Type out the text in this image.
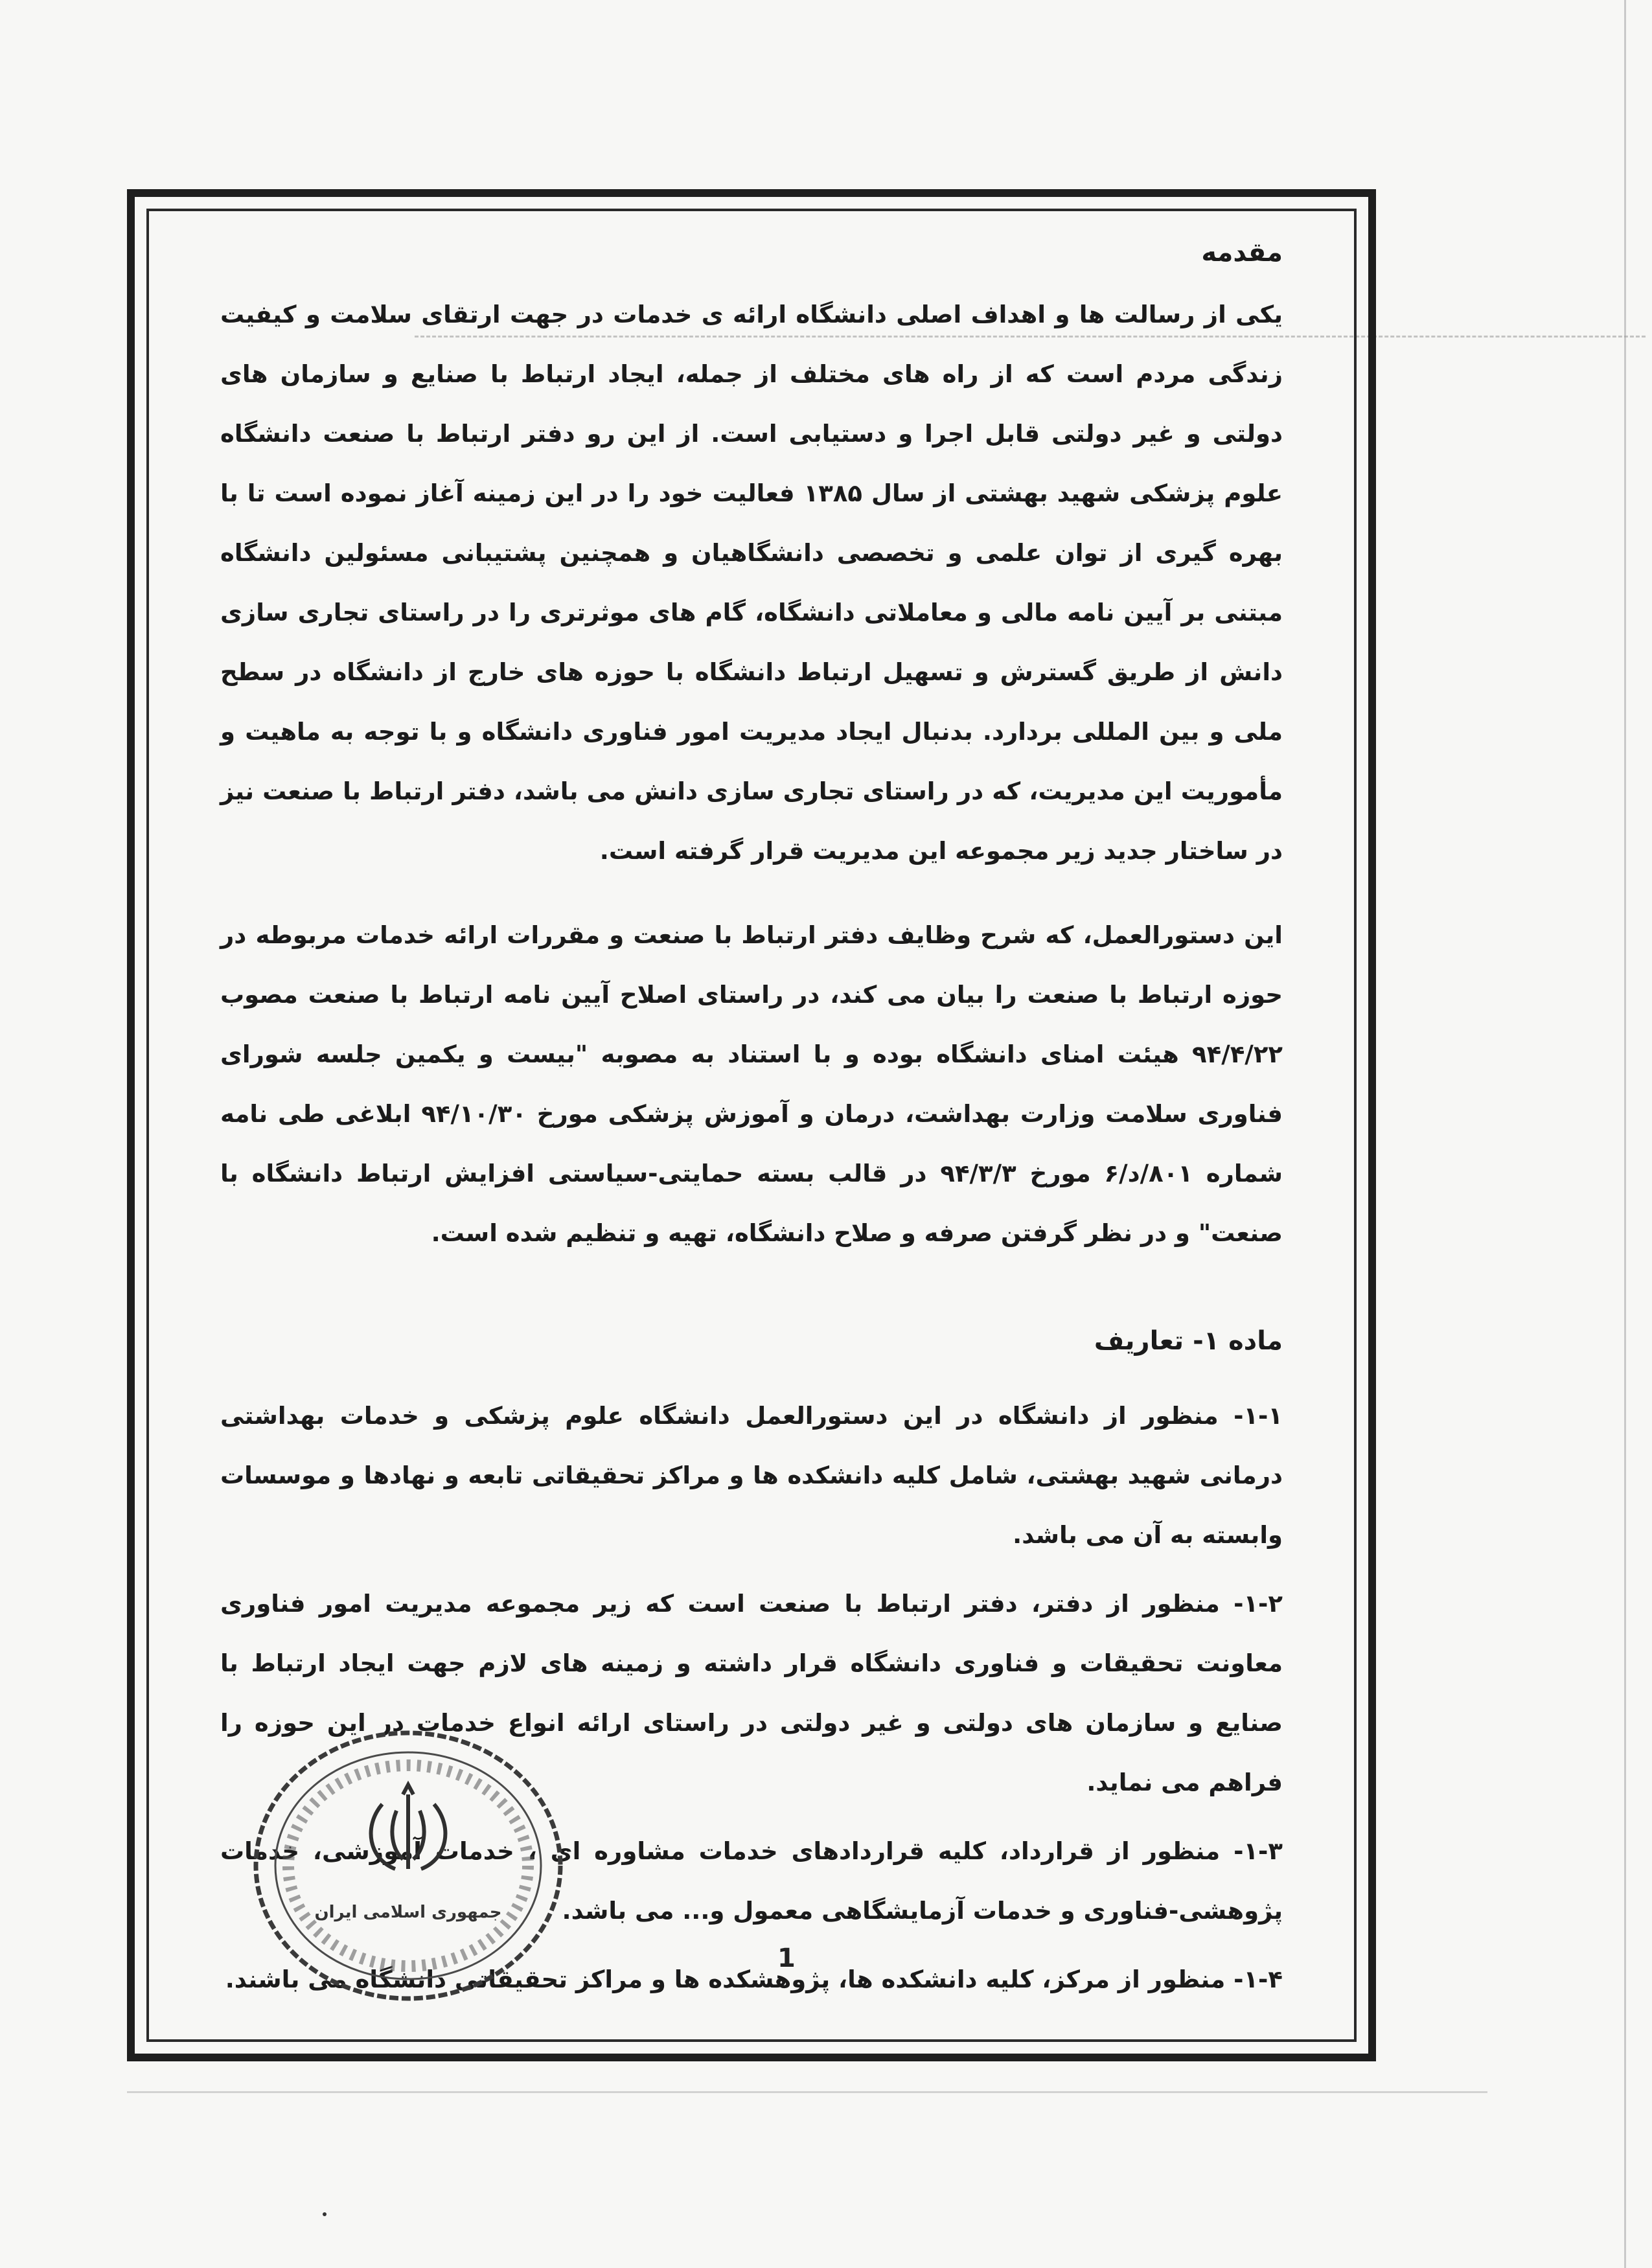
مقدمه

یکی از رسالت ها و اهداف اصلی دانشگاه ارائه ی خدمات در جهت ارتقای سلامت و کیفیت زندگی مردم است که از راه های مختلف از جمله، ایجاد ارتباط با صنایع و سازمان های دولتی و غیر دولتی قابل اجرا و دستیابی است. از این رو دفتر ارتباط با صنعت دانشگاه علوم پزشکی شهید بهشتی از سال ۱۳۸۵ فعالیت خود را در این زمینه آغاز نموده است تا با بهره گیری از توان علمی و تخصصی دانشگاهیان و همچنین پشتیبانی مسئولین دانشگاه مبتنی بر آیین نامه مالی و معاملاتی دانشگاه، گام های موثرتری را در راستای تجاری سازی دانش از طریق گسترش و تسهیل ارتباط دانشگاه با حوزه های خارج از دانشگاه در سطح ملی و بین المللی بردارد. بدنبال ایجاد مدیریت امور فناوری دانشگاه و با توجه به ماهیت و مأموریت این مدیریت، که در راستای تجاری سازی دانش می باشد، دفتر ارتباط با صنعت نیز در ساختار جدید زیر مجموعه این مدیریت قرار گرفته است.

این دستورالعمل، که شرح وظایف دفتر ارتباط با صنعت و مقررات ارائه خدمات مربوطه در حوزه ارتباط با صنعت را بیان می کند، در راستای اصلاح آیین نامه ارتباط با صنعت مصوب ۹۴/۴/۲۲ هیئت امنای دانشگاه بوده و با استناد به مصوبه "بیست و یکمین جلسه شورای فناوری سلامت وزارت بهداشت، درمان و آموزش پزشکی مورخ ۹۴/۱۰/۳۰ ابلاغی طی نامه شماره ۸۰۱/د/۶ مورخ ۹۴/۳/۳ در قالب بسته حمایتی-سیاستی افزایش ارتباط دانشگاه با صنعت" و در نظر گرفتن صرفه و صلاح دانشگاه، تهیه و تنظیم شده است.

ماده ۱- تعاریف

۱-۱- منظور از دانشگاه در این دستورالعمل دانشگاه علوم پزشکی و خدمات بهداشتی درمانی شهید بهشتی، شامل کلیه دانشکده ها و مراکز تحقیقاتی تابعه و نهادها و موسسات وابسته به آن می باشد.

۱-۲- منظور از دفتر، دفتر ارتباط با صنعت است که زیر مجموعه مدیریت امور فناوری معاونت تحقیقات و فناوری دانشگاه قرار داشته و زمینه های لازم جهت ایجاد ارتباط با صنایع و سازمان های دولتی و غیر دولتی در راستای ارائه انواع خدمات در این حوزه را فراهم می نماید.

۱-۳- منظور از قرارداد، کلیه قراردادهای خدمات مشاوره ای ، خدمات آموزشی، خدمات پژوهشی-فناوری و خدمات آزمایشگاهی معمول و... می باشد.

۱-۴- منظور از مرکز، کلیه دانشکده ها، پژوهشکده ها و مراکز تحقیقاتی دانشگاه می باشند.

1
جمهوری اسلامی ایران
